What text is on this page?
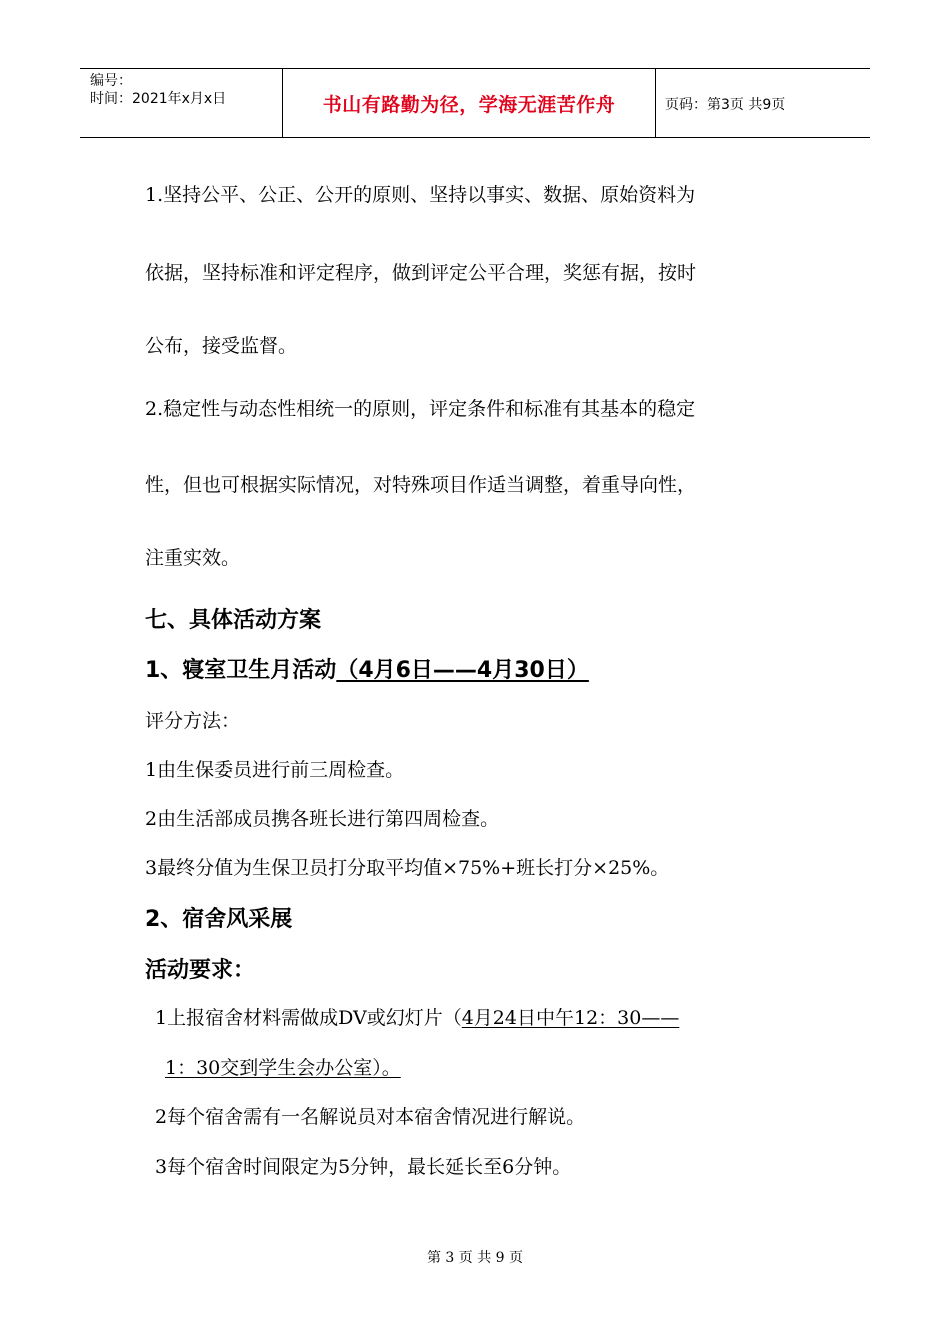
编号：
时间：2021年x月x日	书山有路勤为径，学海无涯苦作舟	页码：第3页 共9页
1.坚持公平、公正、公开的原则、坚持以事实、数据、原始资料为
依据，坚持标准和评定程序，做到评定公平合理，奖惩有据，按时
公布，接受监督。
2.稳定性与动态性相统一的原则，评定条件和标准有其基本的稳定
性，但也可根据实际情况，对特殊项目作适当调整，着重导向性，
注重实效。
七、具体活动方案
1、寝室卫生月活动（4月6日——4月30日）
评分方法：
1由生保委员进行前三周检查。
2由生活部成员携各班长进行第四周检查。
3最终分值为生保卫员打分取平均值×75%+班长打分×25%。
2、宿舍风采展
活动要求：
1上报宿舍材料需做成DV或幻灯片（4月24日中午12：30——
1：30交到学生会办公室）。
2每个宿舍需有一名解说员对本宿舍情况进行解说。
3每个宿舍时间限定为5分钟，最长延长至6分钟。
第 3 页 共 9 页
